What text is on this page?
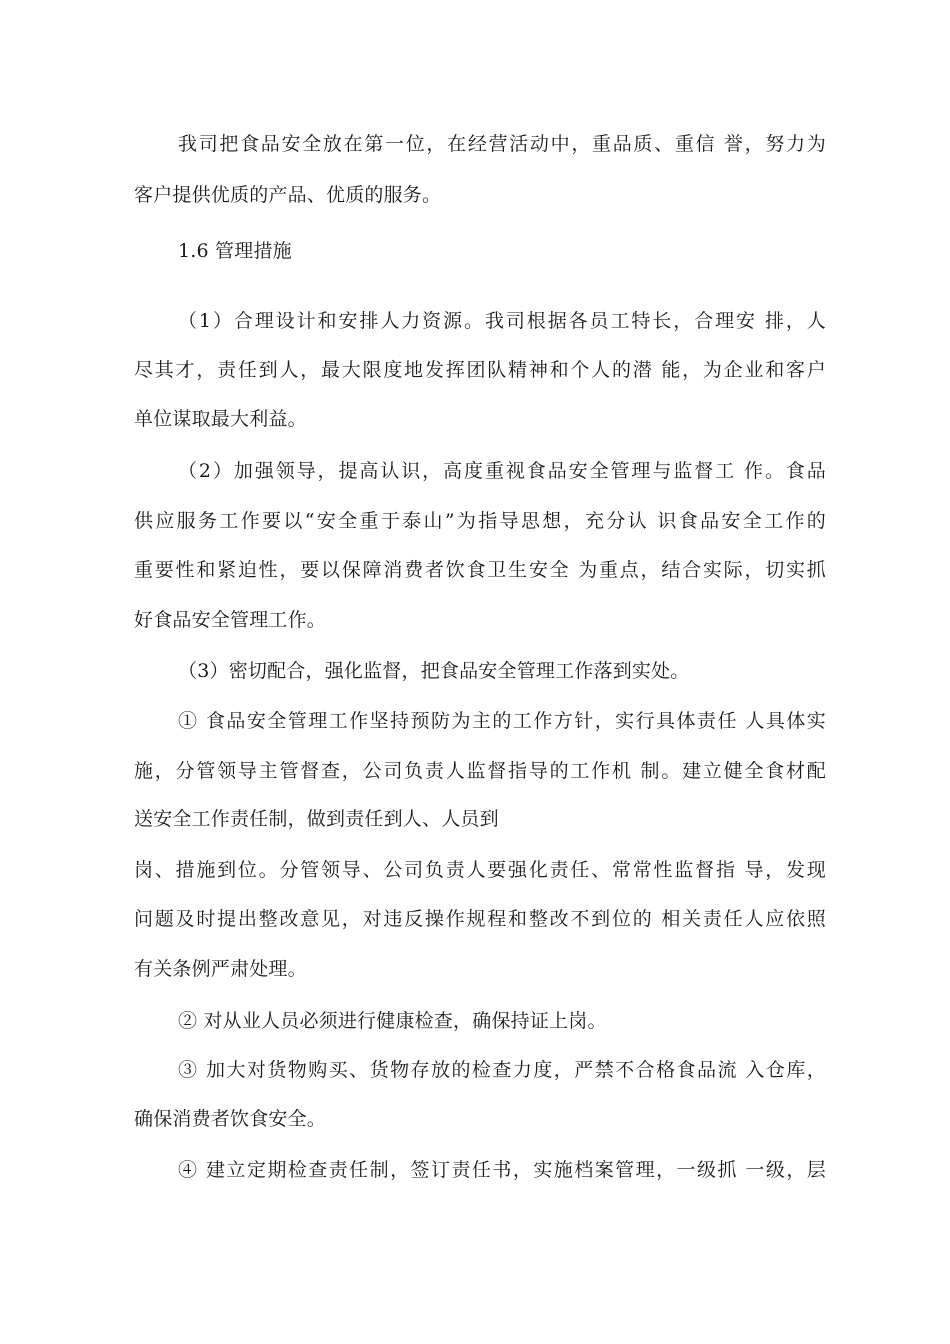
我司把食品安全放在第一位，在经营活动中，重品质、重信 誉，努力为
客户提供优质的产品、优质的服务。
1.6 管理措施
（1）合理设计和安排人力资源。我司根据各员工特长，合理安 排，人
尽其才，责任到人，最大限度地发挥团队精神和个人的潜 能，为企业和客户
单位谋取最大利益。
（2）加强领导，提高认识，高度重视食品安全管理与监督工 作。食品
供应服务工作要以“安全重于泰山”为指导思想，充分认 识食品安全工作的
重要性和紧迫性，要以保障消费者饮食卫生安全 为重点，结合实际，切实抓
好食品安全管理工作。
（3）密切配合，强化监督，把食品安全管理工作落到实处。
① 食品安全管理工作坚持预防为主的工作方针，实行具体责任 人具体实
施，分管领导主管督查，公司负责人监督指导的工作机 制。建立健全食材配
送安全工作责任制，做到责任到人、人员到
岗、措施到位。分管领导、公司负责人要强化责任、常常性监督指 导，发现
问题及时提出整改意见，对违反操作规程和整改不到位的 相关责任人应依照
有关条例严肃处理。
② 对从业人员必须进行健康检查，确保持证上岗。
③ 加大对货物购买、货物存放的检查力度，严禁不合格食品流 入仓库，
确保消费者饮食安全。
④ 建立定期检查责任制，签订责任书，实施档案管理，一级抓 一级，层
